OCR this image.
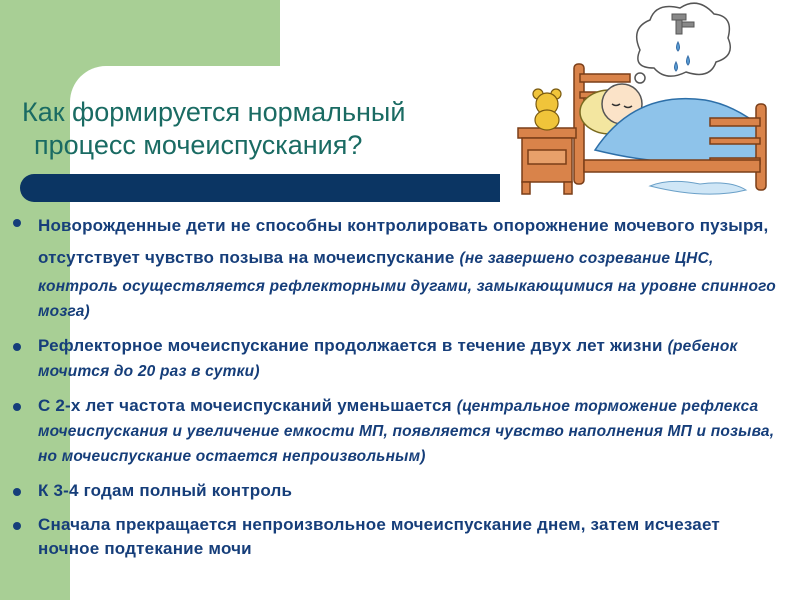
Как формируется нормальный
процесс мочеиспускания?
Новорожденные дети не способны контролировать опорожнение мочевого пузыря, отсутствует чувство позыва на мочеиспускание (не завершено созревание ЦНС, контроль осуществляется рефлекторными дугами, замыкающимися на уровне спинного мозга)
Рефлекторное мочеиспускание продолжается в течение двух лет жизни (ребенок мочится до 20 раз в сутки)
С 2-х лет частота мочеиспусканий уменьшается (центральное торможение рефлекса мочеиспускания и увеличение емкости МП, появляется чувство наполнения МП и позыва, но мочеиспускание остается непроизвольным)
К 3-4 годам полный контроль
Сначала прекращается непроизвольное мочеиспускание днем, затем исчезает ночное подтекание мочи
